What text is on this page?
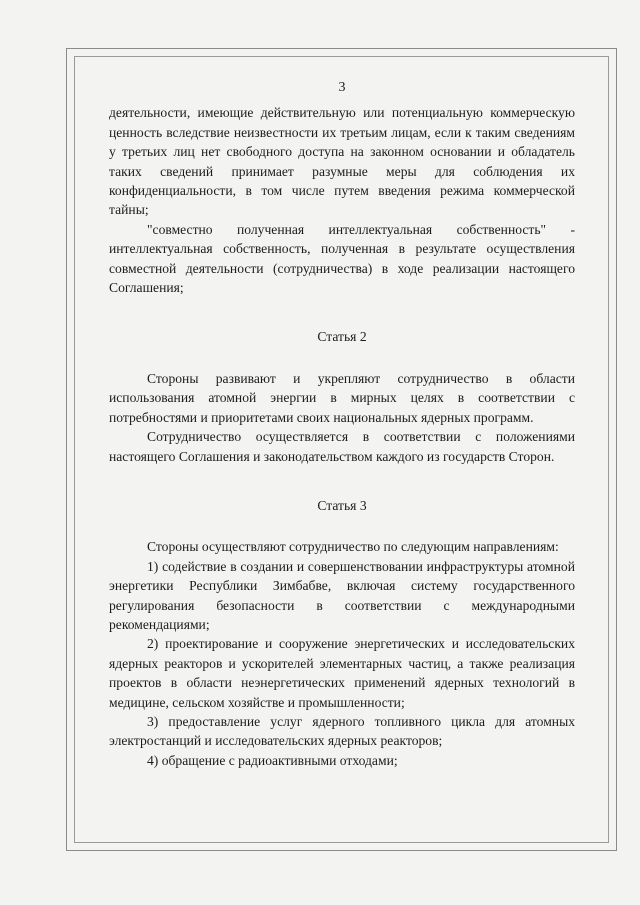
3

деятельности, имеющие действительную или потенциальную коммерческую ценность вследствие неизвестности их третьим лицам, если к таким сведениям у третьих лиц нет свободного доступа на законном основании и обладатель таких сведений принимает разумные меры для соблюдения их конфиденциальности, в том числе путем введения режима коммерческой тайны;

"совместно полученная интеллектуальная собственность" - интеллектуальная собственность, полученная в результате осуществления совместной деятельности (сотрудничества) в ходе реализации настоящего Соглашения;

Статья 2

Стороны развивают и укрепляют сотрудничество в области использования атомной энергии в мирных целях в соответствии с потребностями и приоритетами своих национальных ядерных программ.

Сотрудничество осуществляется в соответствии с положениями настоящего Соглашения и законодательством каждого из государств Сторон.

Статья 3

Стороны осуществляют сотрудничество по следующим направлениям:

1) содействие в создании и совершенствовании инфраструктуры атомной энергетики Республики Зимбабве, включая систему государственного регулирования безопасности в соответствии с международными рекомендациями;

2) проектирование и сооружение энергетических и исследовательских ядерных реакторов и ускорителей элементарных частиц, а также реализация проектов в области неэнергетических применений ядерных технологий в медицине, сельском хозяйстве и промышленности;

3) предоставление услуг ядерного топливного цикла для атомных электростанций и исследовательских ядерных реакторов;

4) обращение с радиоактивными отходами;
